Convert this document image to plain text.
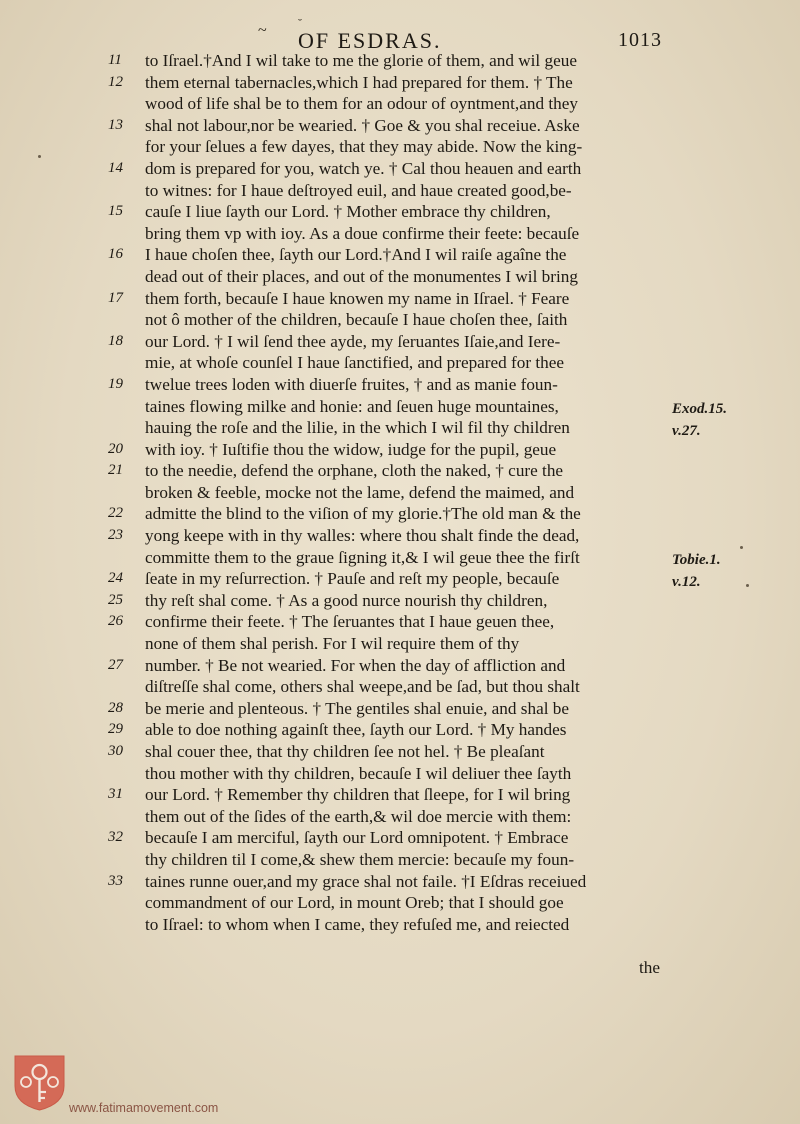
~	˘
OF ESDRAS.	1013
11	to Iſrael.†And I wil take to me the glorie of them, and wil geue
12	them eternal tabernacles,which I had prepared for them. † The
wood of life shal be to them for an odour of oyntment,and they
13	shal not labour,nor be wearied. † Goe & you shal receiue. Aske
for your ſelues a few dayes, that they may abide. Now the king-
14	dom is prepared for you, watch ye. † Cal thou heauen and earth
to witnes: for I haue deſtroyed euil, and haue created good,be-
15	cauſe I liue ſayth our Lord. † Mother embrace thy children,
bring them vp with ioy. As a doue confirme their feete: becauſe
16	I haue choſen thee, ſayth our Lord.†And I wil raiſe agaîne the
dead out of their places, and out of the monumentes I wil bring
17	them forth, becauſe I haue knowen my name in Iſrael. † Feare
not ô mother of the children, becauſe I haue choſen thee, ſaith
18	our Lord. † I wil ſend thee ayde, my ſeruantes Iſaie,and Iere-
mie, at whoſe counſel I haue ſanctified, and prepared for thee
19	twelue trees loden with diuerſe fruites, † and as manie foun-
taines flowing milke and honie: and ſeuen huge mountaines,
hauing the roſe and the lilie, in the which I wil fil thy children
20	with ioy. † Iuſtifie thou the widow, iudge for the pupil, geue
21	to the needie, defend the orphane, cloth the naked, † cure the
broken & feeble, mocke not the lame, defend the maimed, and
22	admitte the blind to the viſion of my glorie.†The old man & the
23	yong keepe with in thy walles: where thou shalt finde the dead,
committe them to the graue ſigning it,& I wil geue thee the firſt
24	ſeate in my reſurrection. † Pauſe and reſt my people, becauſe
25	thy reſt shal come. † As a good nurce nourish thy children,
26	confirme their feete. † The ſeruantes that I haue geuen thee,
none of them shal perish. For I wil require them of thy
27	number. † Be not wearied. For when the day of affliction and
diſtreſſe shal come, others shal weepe,and be ſad, but thou shalt
28	be merie and plenteous. † The gentiles shal enuie, and shal be
29	able to doe nothing againſt thee, ſayth our Lord. † My handes
30	shal couer thee, that thy children ſee not hel. † Be pleaſant
thou mother with thy children, becauſe I wil deliuer thee ſayth
31	our Lord. † Remember thy children that ſleepe, for I wil bring
them out of the ſides of the earth,& wil doe mercie with them:
32	becauſe I am merciful, ſayth our Lord omnipotent. † Embrace
thy children til I come,& shew them mercie: becauſe my foun-
33	taines runne ouer,and my grace shal not faile. †I Eſdras receiued
commandment of our Lord, in mount Oreb; that I should goe
to Iſrael: to whom when I came, they refuſed me, and reiected
the
Exod.15.
v.27.
Tobie.1.
v.12.
www.fatimamovement.com
